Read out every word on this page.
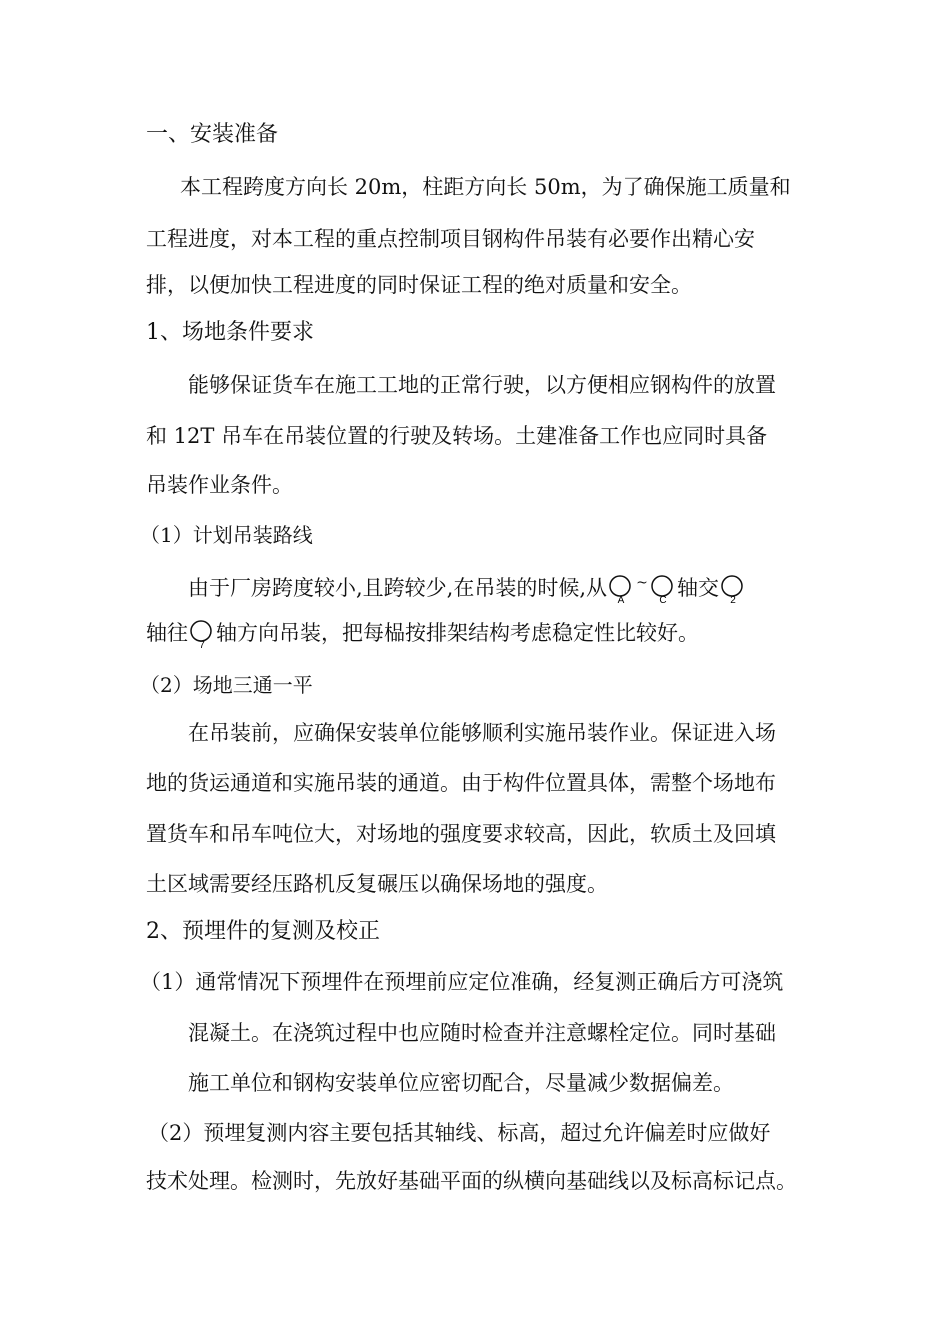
一、安装准备
本工程跨度方向长 20m，柱距方向长 50m，为了确保施工质量和
工程进度，对本工程的重点控制项目钢构件吊装有必要作出精心安
排，以便加快工程进度的同时保证工程的绝对质量和安全。
1、场地条件要求
能够保证货车在施工工地的正常行驶，以方便相应钢构件的放置
和 12T 吊车在吊装位置的行驶及转场。土建准备工作也应同时具备
吊装作业条件。
（1）计划吊装路线
由于厂房跨度较小,且跨较少,在吊装的时候,从 A
~
C 轴交 2
轴往 7 轴方向吊装，把每榀按排架结构考虑稳定性比较好。
（2）场地三通一平
在吊装前，应确保安装单位能够顺利实施吊装作业。保证进入场
地的货运通道和实施吊装的通道。由于构件位置具体，需整个场地布
置货车和吊车吨位大，对场地的强度要求较高，因此，软质土及回填
土区域需要经压路机反复碾压以确保场地的强度。
2、预埋件的复测及校正
（1）通常情况下预埋件在预埋前应定位准确，经复测正确后方可浇筑
混凝土。在浇筑过程中也应随时检查并注意螺栓定位。同时基础
施工单位和钢构安装单位应密切配合，尽量减少数据偏差。
（2）预埋复测内容主要包括其轴线、标高，超过允许偏差时应做好
技术处理。检测时，先放好基础平面的纵横向基础线以及标高标记点。
